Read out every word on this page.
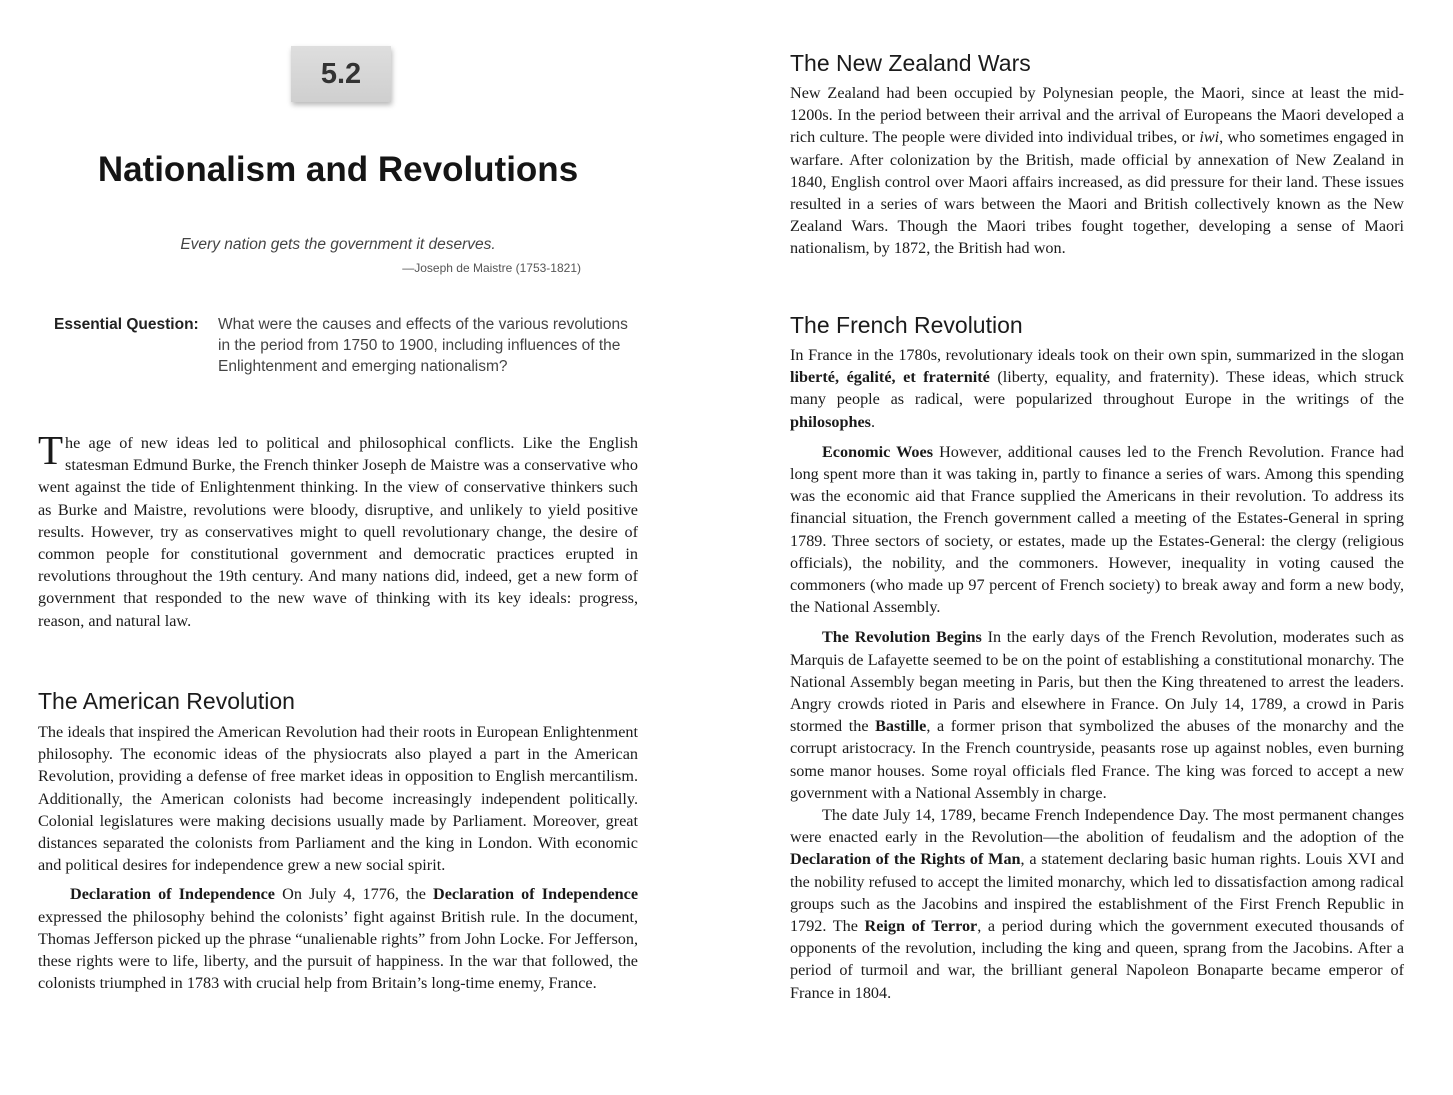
5.2
Nationalism and Revolutions
Every nation gets the government it deserves.
—Joseph de Maistre (1753-1821)
Essential Question:	What were the causes and effects of the various revolutions in the period from 1750 to 1900, including influences of the Enlightenment and emerging nationalism?

The age of new ideas led to political and philosophical conflicts. Like the English statesman Edmund Burke, the French thinker Joseph de Maistre was a conservative who went against the tide of Enlightenment thinking. In the view of conservative thinkers such as Burke and Maistre, revolutions were bloody, disruptive, and unlikely to yield positive results. However, try as conservatives might to quell revolutionary change, the desire of common people for constitutional government and democratic practices erupted in revolutions throughout the 19th century. And many nations did, indeed, get a new form of government that responded to the new wave of thinking with its key ideals: progress, reason, and natural law.

The American Revolution

The ideals that inspired the American Revolution had their roots in European Enlightenment philosophy. The economic ideas of the physiocrats also played a part in the American Revolution, providing a defense of free market ideas in opposition to English mercantilism. Additionally, the American colonists had become increasingly independent politically. Colonial legislatures were making decisions usually made by Parliament. Moreover, great distances separated the colonists from Parliament and the king in London. With economic and political desires for independence grew a new social spirit.

Declaration of Independence On July 4, 1776, the Declaration of Independence expressed the philosophy behind the colonists’ fight against British rule. In the document, Thomas Jefferson picked up the phrase “unalienable rights” from John Locke. For Jefferson, these rights were to life, liberty, and the pursuit of happiness. In the war that followed, the colonists triumphed in 1783 with crucial help from Britain’s long-time enemy, France.

The New Zealand Wars

New Zealand had been occupied by Polynesian people, the Maori, since at least the mid-1200s. In the period between their arrival and the arrival of Europeans the Maori developed a rich culture. The people were divided into individual tribes, or iwi, who sometimes engaged in warfare. After colonization by the British, made official by annexation of New Zealand in 1840, English control over Maori affairs increased, as did pressure for their land. These issues resulted in a series of wars between the Maori and British collectively known as the New Zealand Wars. Though the Maori tribes fought together, developing a sense of Maori nationalism, by 1872, the British had won.

The French Revolution

In France in the 1780s, revolutionary ideals took on their own spin, summarized in the slogan liberté, égalité, et fraternité (liberty, equality, and fraternity). These ideas, which struck many people as radical, were popularized throughout Europe in the writings of the philosophes.

Economic Woes However, additional causes led to the French Revolution. France had long spent more than it was taking in, partly to finance a series of wars. Among this spending was the economic aid that France supplied the Americans in their revolution. To address its financial situation, the French government called a meeting of the Estates-General in spring 1789. Three sectors of society, or estates, made up the Estates-General: the clergy (religious officials), the nobility, and the commoners. However, inequality in voting caused the commoners (who made up 97 percent of French society) to break away and form a new body, the National Assembly.

The Revolution Begins In the early days of the French Revolution, moderates such as Marquis de Lafayette seemed to be on the point of establishing a constitutional monarchy. The National Assembly began meeting in Paris, but then the King threatened to arrest the leaders. Angry crowds rioted in Paris and elsewhere in France. On July 14, 1789, a crowd in Paris stormed the Bastille, a former prison that symbolized the abuses of the monarchy and the corrupt aristocracy. In the French countryside, peasants rose up against nobles, even burning some manor houses. Some royal officials fled France. The king was forced to accept a new government with a National Assembly in charge.

The date July 14, 1789, became French Independence Day. The most permanent changes were enacted early in the Revolution—the abolition of feudalism and the adoption of the Declaration of the Rights of Man, a statement declaring basic human rights. Louis XVI and the nobility refused to accept the limited monarchy, which led to dissatisfaction among radical groups such as the Jacobins and inspired the establishment of the First French Republic in 1792. The Reign of Terror, a period during which the government executed thousands of opponents of the revolution, including the king and queen, sprang from the Jacobins. After a period of turmoil and war, the brilliant general Napoleon Bonaparte became emperor of France in 1804.
